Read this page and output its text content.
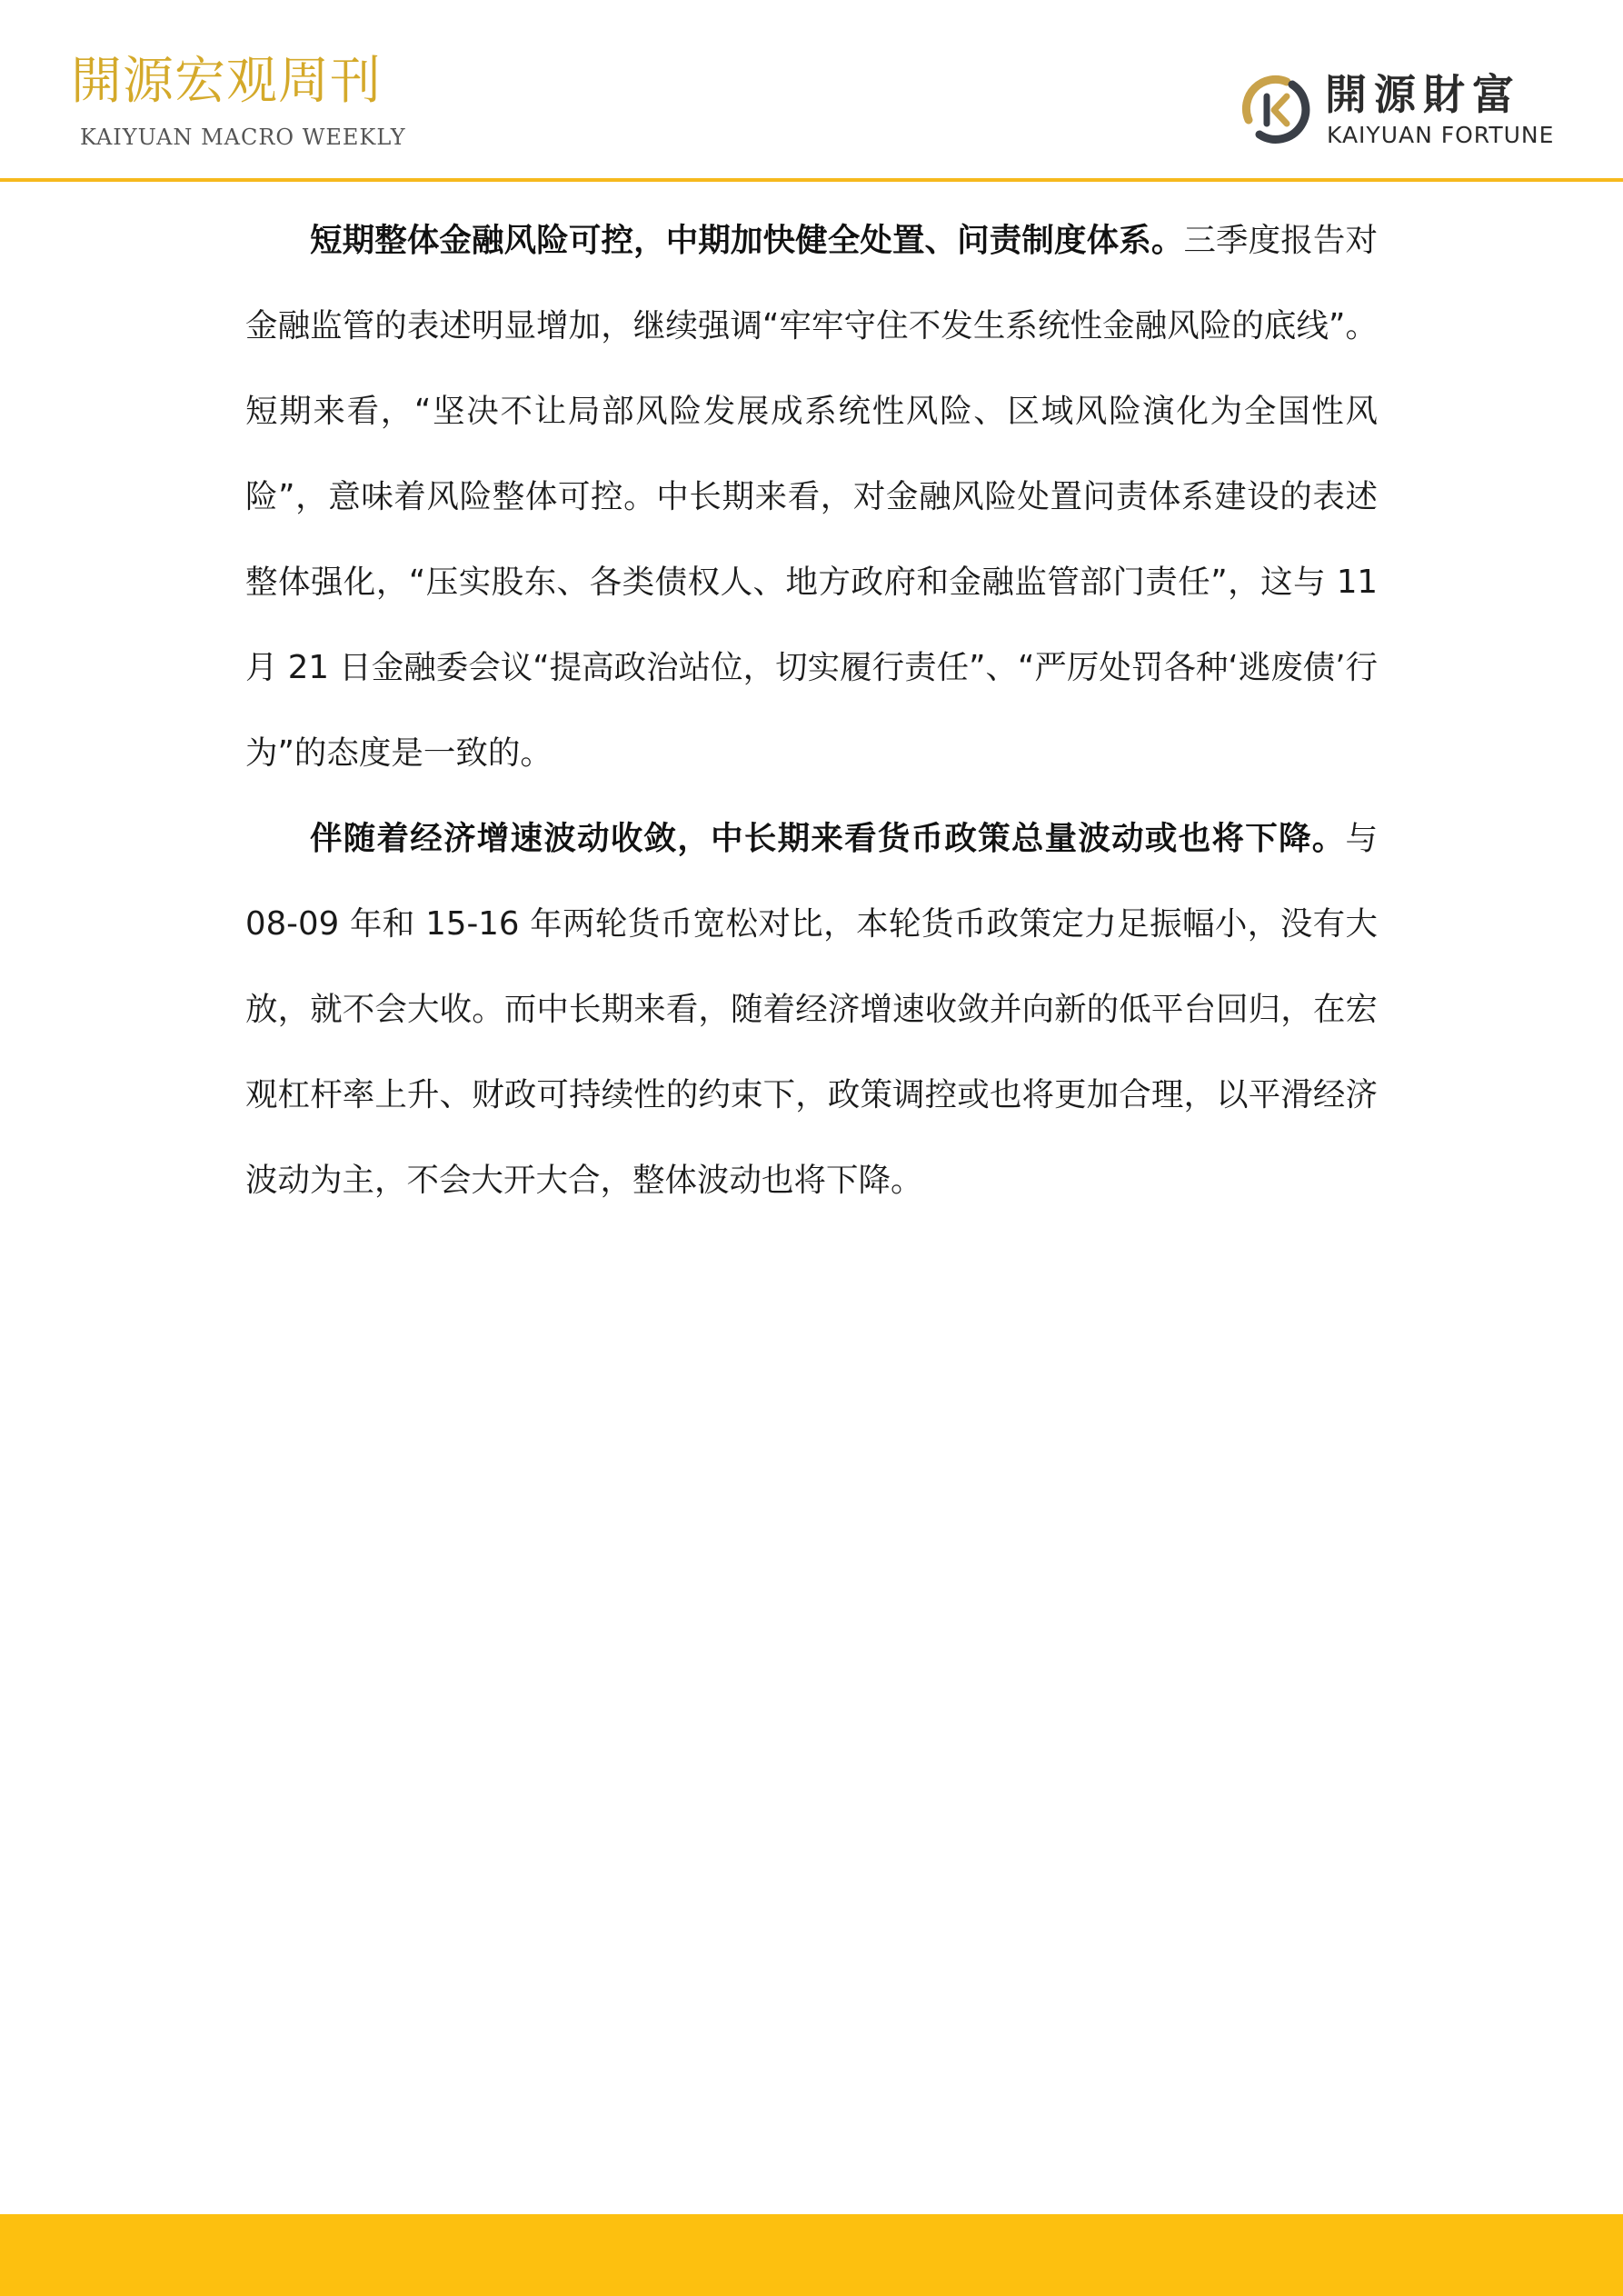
開源宏观周刊
KAIYUAN MACRO WEEKLY
開源財富
KAIYUAN FORTUNE

短期整体金融风险可控，中期加快健全处置、问责制度体系。三季度报告对金融监管的表述明显增加，继续强调“牢牢守住不发生系统性金融风险的底线”。短期来看，“坚决不让局部风险发展成系统性风险、区域风险演化为全国性风险”，意味着风险整体可控。中长期来看，对金融风险处置问责体系建设的表述整体强化，“压实股东、各类债权人、地方政府和金融监管部门责任”，这与 11 月 21 日金融委会议“提高政治站位，切实履行责任”、“严厉处罚各种‘逃废债’行为”的态度是一致的。

伴随着经济增速波动收敛，中长期来看货币政策总量波动或也将下降。与 08-09 年和 15-16 年两轮货币宽松对比，本轮货币政策定力足振幅小，没有大放，就不会大收。而中长期来看，随着经济增速收敛并向新的低平台回归，在宏观杠杆率上升、财政可持续性的约束下，政策调控或也将更加合理，以平滑经济波动为主，不会大开大合，整体波动也将下降。
